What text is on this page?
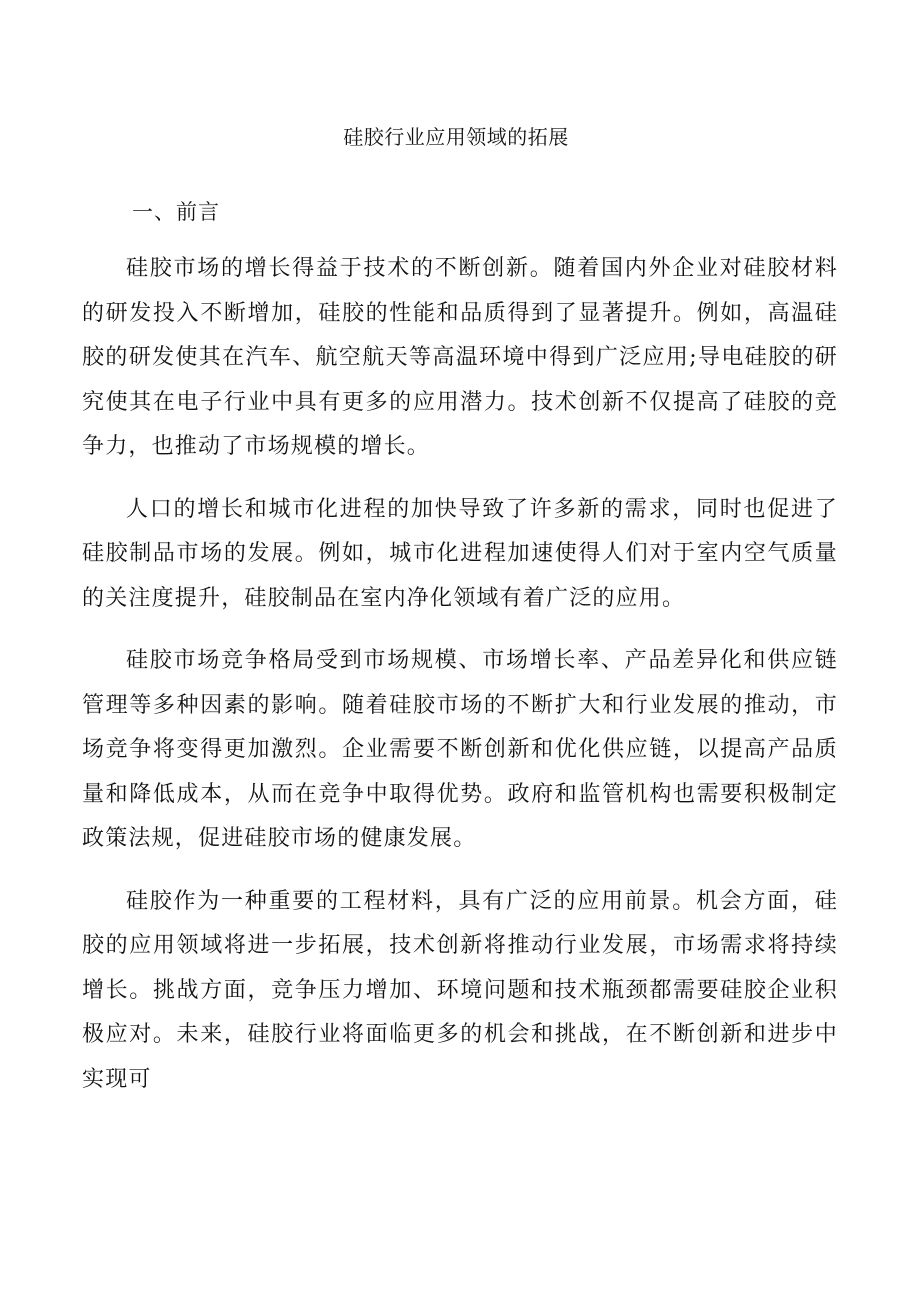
硅胶行业应用领域的拓展
一、前言

硅胶市场的增长得益于技术的不断创新。随着国内外企业对硅胶材料的研发投入不断增加，硅胶的性能和品质得到了显著提升。例如，高温硅胶的研发使其在汽车、航空航天等高温环境中得到广泛应用;导电硅胶的研究使其在电子行业中具有更多的应用潜力。技术创新不仅提高了硅胶的竞争力，也推动了市场规模的增长。

人口的增长和城市化进程的加快导致了许多新的需求，同时也促进了硅胶制品市场的发展。例如，城市化进程加速使得人们对于室内空气质量的关注度提升，硅胶制品在室内净化领域有着广泛的应用。

硅胶市场竞争格局受到市场规模、市场增长率、产品差异化和供应链管理等多种因素的影响。随着硅胶市场的不断扩大和行业发展的推动，市场竞争将变得更加激烈。企业需要不断创新和优化供应链，以提高产品质量和降低成本，从而在竞争中取得优势。政府和监管机构也需要积极制定政策法规，促进硅胶市场的健康发展。

硅胶作为一种重要的工程材料，具有广泛的应用前景。机会方面，硅胶的应用领域将进一步拓展，技术创新将推动行业发展，市场需求将持续增长。挑战方面，竞争压力增加、环境问题和技术瓶颈都需要硅胶企业积极应对。未来，硅胶行业将面临更多的机会和挑战，在不断创新和进步中实现可
